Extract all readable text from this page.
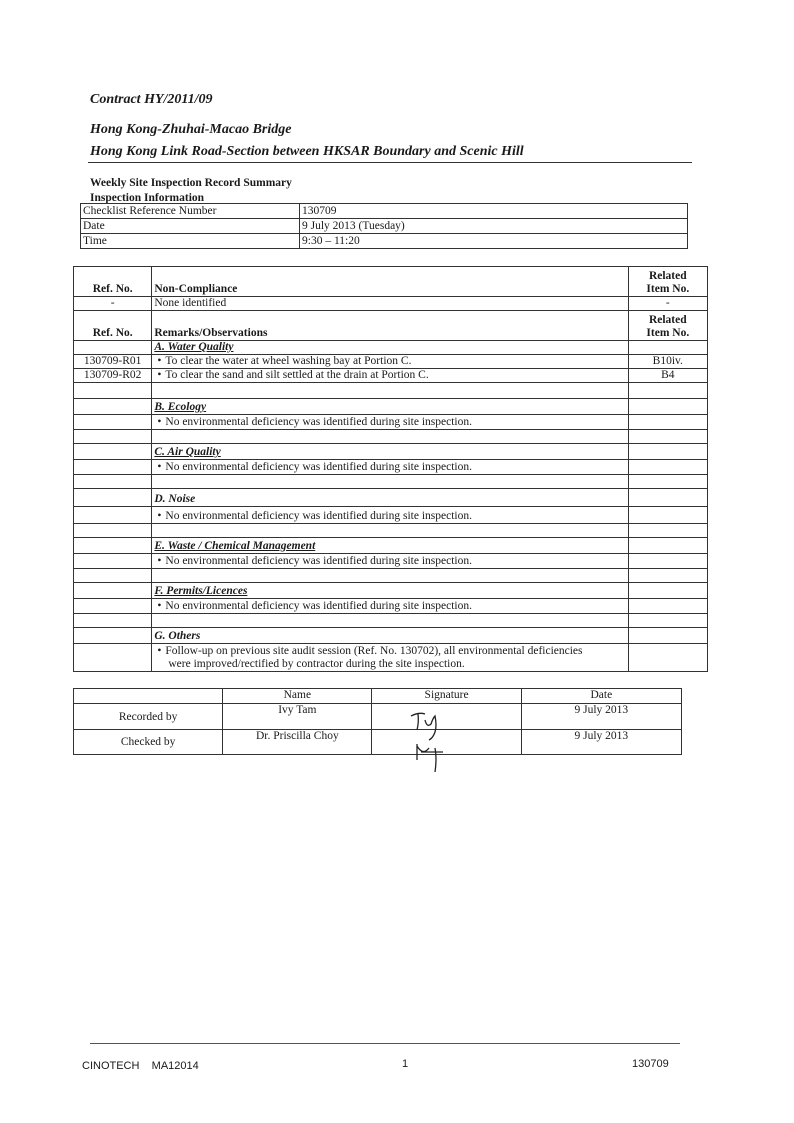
Contract HY/2011/09
Hong Kong-Zhuhai-Macao Bridge
Hong Kong Link Road-Section between HKSAR Boundary and Scenic Hill
Weekly Site Inspection Record Summary
Inspection Information
Checklist Reference Number	130709
Date	9 July 2013 (Tuesday)
Time	9:30 – 11:20
Ref. No.	Non-Compliance	Related
Item No.

-	None identified	-
Ref. No.	Remarks/Observations	Related
Item No.

	A. Water Quality	
130709-R01	• To clear the water at wheel washing bay at Portion C.	B10iv.
130709-R02	• To clear the sand and silt settled at the drain at Portion C.	B4

	B. Ecology	
	• No environmental deficiency was identified during site inspection.	

	C. Air Quality	
	• No environmental deficiency was identified during site inspection.	

	D. Noise	
	• No environmental deficiency was identified during site inspection.	

	E. Waste / Chemical Management	
	• No environmental deficiency was identified during site inspection.	

	F. Permits/Licences	
	• No environmental deficiency was identified during site inspection.	

	G. Others	

	• Follow-up on previous site audit session (Ref. No. 130702), all environmental deficiencies
were improved/rectified by contractor during the site inspection.

	Name	Signature	Date
Recorded by	Ivy Tam		9 July 2013
Checked by	Dr. Priscilla Choy		9 July 2013
CINOTECH    MA12014	1	130709
